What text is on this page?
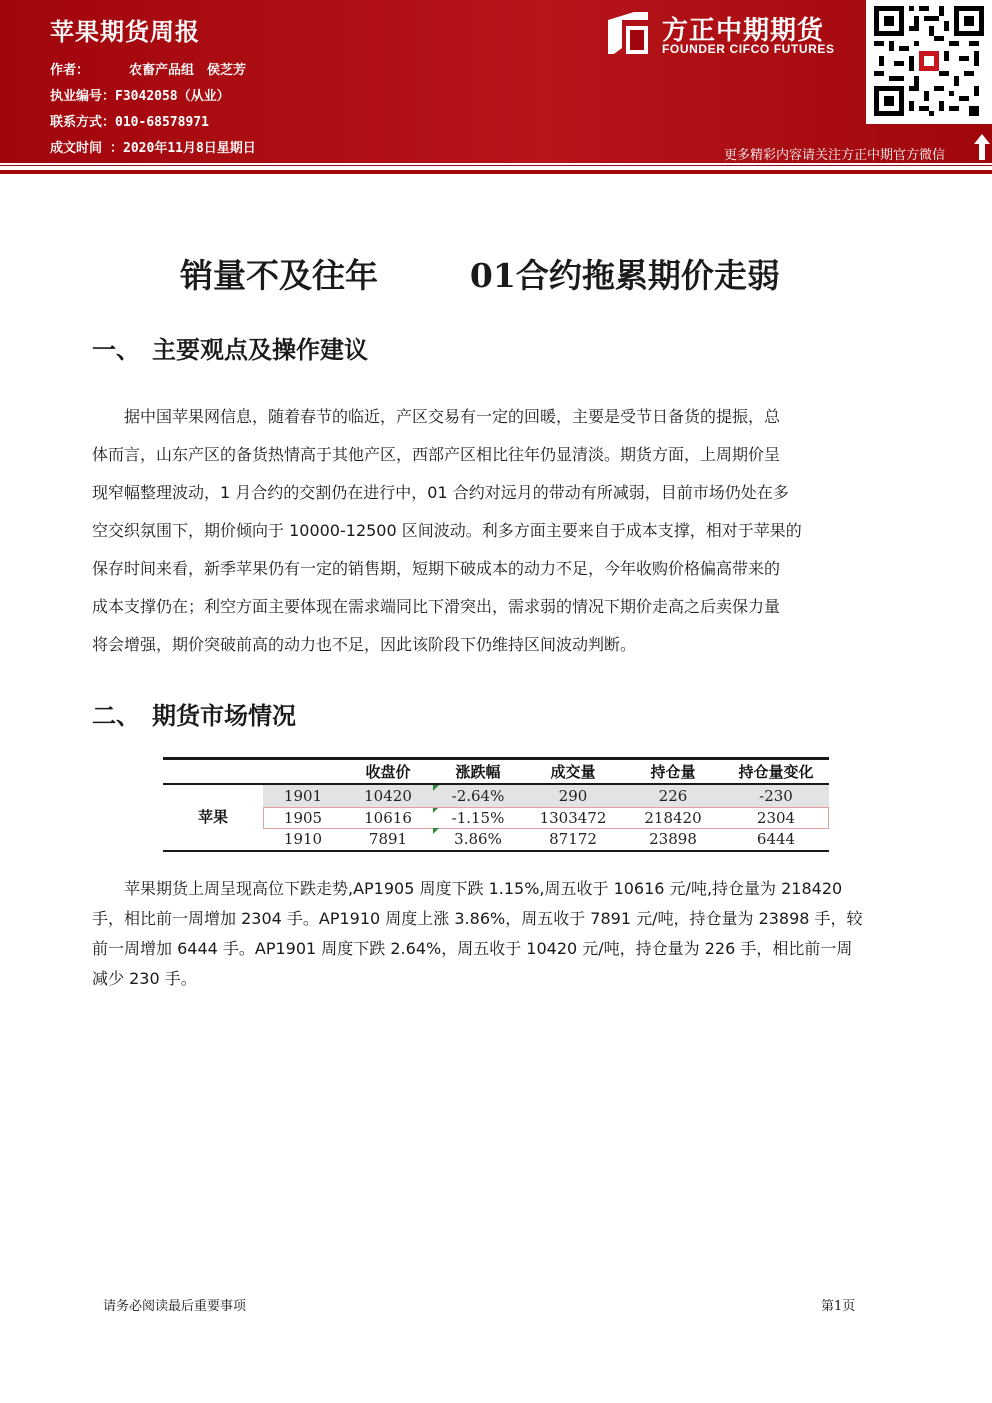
苹果期货周报
作者：	农畜产品组　侯芝芳
执业编号：F3042058（从业）
联系方式：010-68578971
成文时间 ：2020年11月8日星期日
方正中期期货
FOUNDER CIFCO FUTURES
更多精彩内容请关注方正中期官方微信
销量不及往年        01合约拖累期价走弱
一、 主要观点及操作建议
　　据中国苹果网信息，随着春节的临近，产区交易有一定的回暖，主要是受节日备货的提振，总
体而言，山东产区的备货热情高于其他产区，西部产区相比往年仍显清淡。期货方面，上周期价呈
现窄幅整理波动，1 月合约的交割仍在进行中，01 合约对远月的带动有所减弱，目前市场仍处在多
空交织氛围下，期价倾向于 10000-12500 区间波动。利多方面主要来自于成本支撑，相对于苹果的
保存时间来看，新季苹果仍有一定的销售期，短期下破成本的动力不足，今年收购价格偏高带来的
成本支撑仍在；利空方面主要体现在需求端同比下滑突出，需求弱的情况下期价走高之后卖保力量
将会增强，期价突破前高的动力也不足，因此该阶段下仍维持区间波动判断。
二、 期货市场情况
收盘价	涨跌幅	成交量	持仓量	持仓量变化
苹果
1901	10420	-2.64%	290	226	-230
1905	10616	-1.15%	1303472	218420	2304
1910	7891	3.86%	87172	23898	6444
　　苹果期货上周呈现高位下跌走势,AP1905 周度下跌 1.15%,周五收于 10616 元/吨,持仓量为 218420
手，相比前一周增加 2304 手。AP1910 周度上涨 3.86%，周五收于 7891 元/吨，持仓量为 23898 手，较
前一周增加 6444 手。AP1901 周度下跌 2.64%，周五收于 10420 元/吨，持仓量为 226 手，相比前一周
减少 230 手。
请务必阅读最后重要事项	第1页
